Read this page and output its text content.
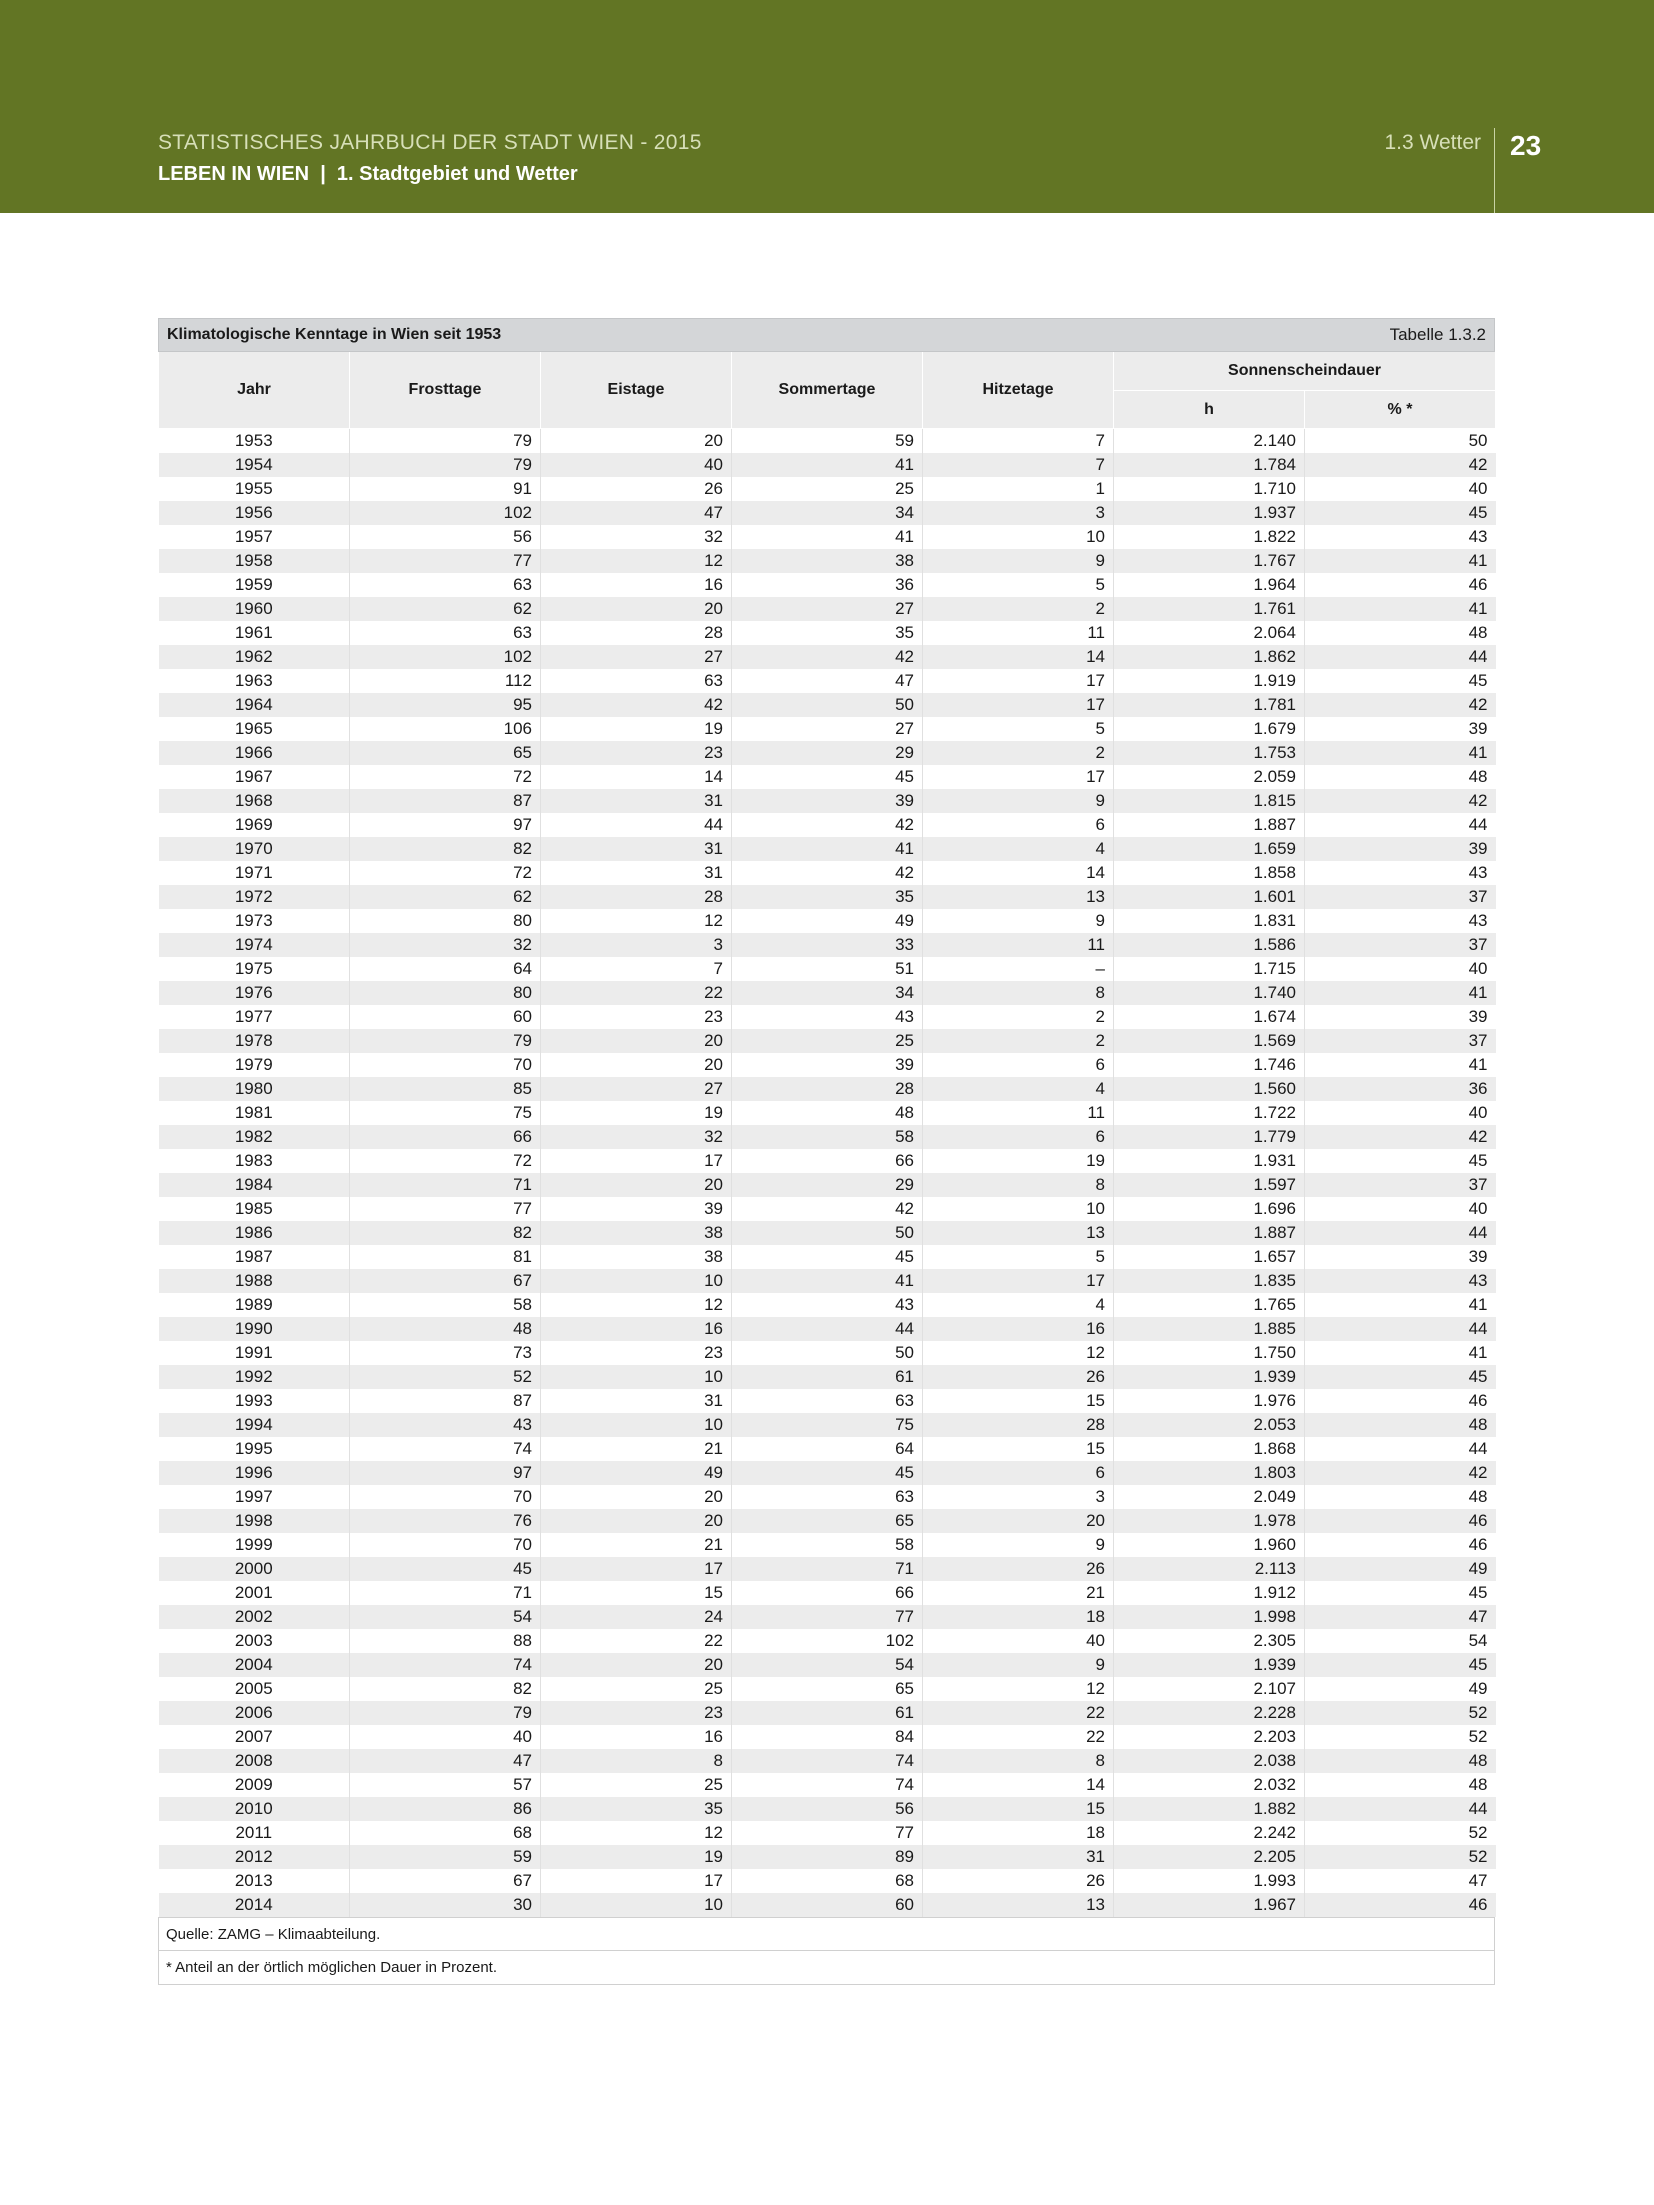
STATISTISCHES JAHRBUCH DER STADT WIEN - 2015
LEBEN IN WIEN  |  1. Stadtgebiet und Wetter
1.3 Wetter 23
Klimatologische Kenntage in Wien seit 1953	Tabelle 1.3.2
Jahr	Frosttage	Eistage	Sommertage	Hitzetage	Sonnenscheindauer	
					h	% *
1953	79	20	59	7	2.140	50
1954	79	40	41	7	1.784	42
1955	91	26	25	1	1.710	40
1956	102	47	34	3	1.937	45
1957	56	32	41	10	1.822	43
1958	77	12	38	9	1.767	41
1959	63	16	36	5	1.964	46
1960	62	20	27	2	1.761	41
1961	63	28	35	11	2.064	48
1962	102	27	42	14	1.862	44
1963	112	63	47	17	1.919	45
1964	95	42	50	17	1.781	42
1965	106	19	27	5	1.679	39
1966	65	23	29	2	1.753	41
1967	72	14	45	17	2.059	48
1968	87	31	39	9	1.815	42
1969	97	44	42	6	1.887	44
1970	82	31	41	4	1.659	39
1971	72	31	42	14	1.858	43
1972	62	28	35	13	1.601	37
1973	80	12	49	9	1.831	43
1974	32	3	33	11	1.586	37
1975	64	7	51	–	1.715	40
1976	80	22	34	8	1.740	41
1977	60	23	43	2	1.674	39
1978	79	20	25	2	1.569	37
1979	70	20	39	6	1.746	41
1980	85	27	28	4	1.560	36
1981	75	19	48	11	1.722	40
1982	66	32	58	6	1.779	42
1983	72	17	66	19	1.931	45
1984	71	20	29	8	1.597	37
1985	77	39	42	10	1.696	40
1986	82	38	50	13	1.887	44
1987	81	38	45	5	1.657	39
1988	67	10	41	17	1.835	43
1989	58	12	43	4	1.765	41
1990	48	16	44	16	1.885	44
1991	73	23	50	12	1.750	41
1992	52	10	61	26	1.939	45
1993	87	31	63	15	1.976	46
1994	43	10	75	28	2.053	48
1995	74	21	64	15	1.868	44
1996	97	49	45	6	1.803	42
1997	70	20	63	3	2.049	48
1998	76	20	65	20	1.978	46
1999	70	21	58	9	1.960	46
2000	45	17	71	26	2.113	49
2001	71	15	66	21	1.912	45
2002	54	24	77	18	1.998	47
2003	88	22	102	40	2.305	54
2004	74	20	54	9	1.939	45
2005	82	25	65	12	2.107	49
2006	79	23	61	22	2.228	52
2007	40	16	84	22	2.203	52
2008	47	8	74	8	2.038	48
2009	57	25	74	14	2.032	48
2010	86	35	56	15	1.882	44
2011	68	12	77	18	2.242	52
2012	59	19	89	31	2.205	52
2013	67	17	68	26	1.993	47
2014	30	10	60	13	1.967	46
Quelle: ZAMG – Klimaabteilung.
* Anteil an der örtlich möglichen Dauer in Prozent.
